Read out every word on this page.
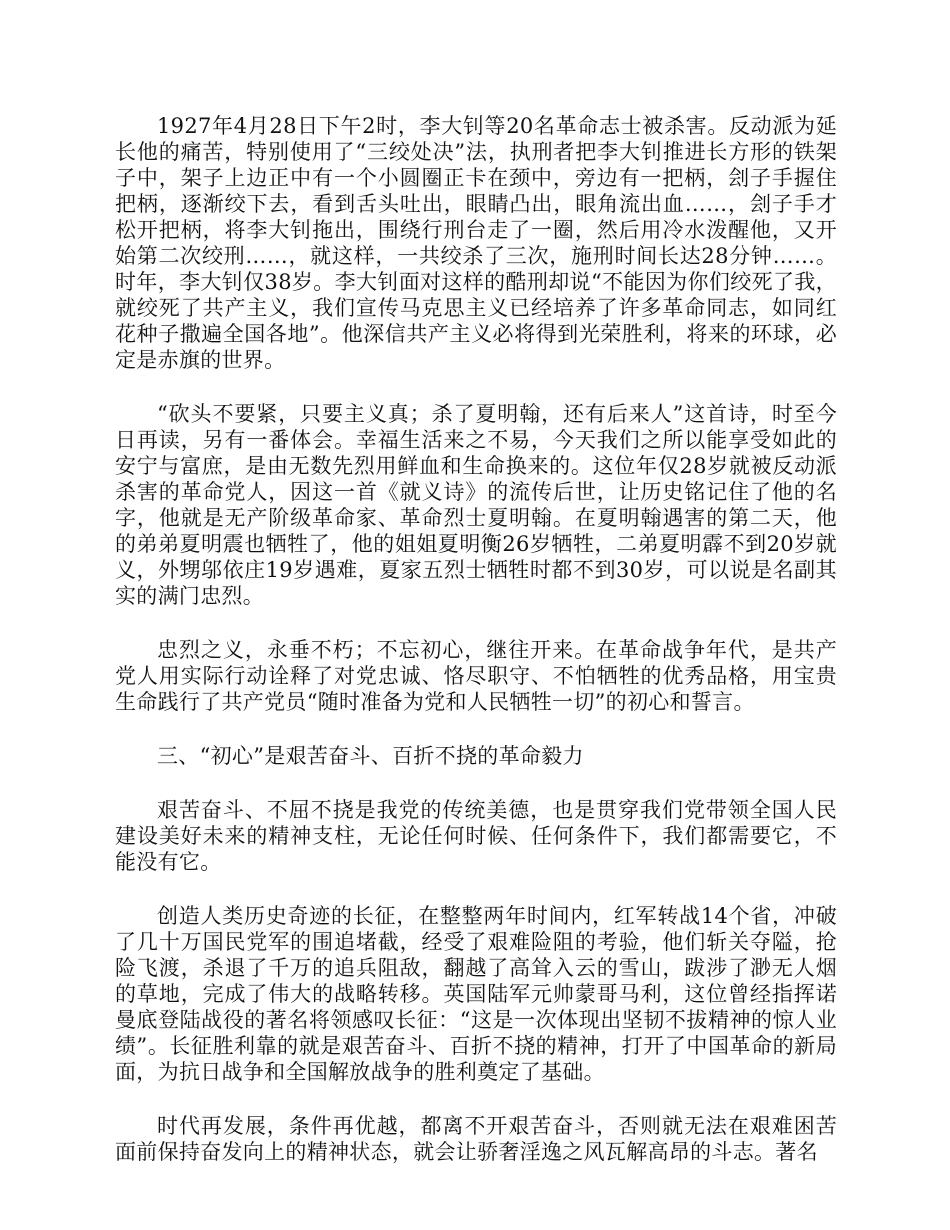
1927年4月28日下午2时，李大钊等20名革命志士被杀害。反动派为延长他的痛苦，特别使用了“三绞处决”法，执刑者把李大钊推进长方形的铁架子中，架子上边正中有一个小圆圈正卡在颈中，旁边有一把柄，刽子手握住把柄，逐渐绞下去，看到舌头吐出，眼睛凸出，眼角流出血……，刽子手才松开把柄，将李大钊拖出，围绕行刑台走了一圈，然后用冷水泼醒他，又开始第二次绞刑……，就这样，一共绞杀了三次，施刑时间长达28分钟……。时年，李大钊仅38岁。李大钊面对这样的酷刑却说“不能因为你们绞死了我，就绞死了共产主义，我们宣传马克思主义已经培养了许多革命同志，如同红花种子撒遍全国各地”。他深信共产主义必将得到光荣胜利，将来的环球，必定是赤旗的世界。

“砍头不要紧，只要主义真；杀了夏明翰，还有后来人”这首诗，时至今日再读，另有一番体会。幸福生活来之不易，今天我们之所以能享受如此的安宁与富庶，是由无数先烈用鲜血和生命换来的。这位年仅28岁就被反动派杀害的革命党人，因这一首《就义诗》的流传后世，让历史铭记住了他的名字，他就是无产阶级革命家、革命烈士夏明翰。在夏明翰遇害的第二天，他的弟弟夏明震也牺牲了，他的姐姐夏明衡26岁牺牲，二弟夏明霹不到20岁就义，外甥邬依庄19岁遇难，夏家五烈士牺牲时都不到30岁，可以说是名副其实的满门忠烈。

忠烈之义，永垂不朽；不忘初心，继往开来。在革命战争年代，是共产党人用实际行动诠释了对党忠诚、恪尽职守、不怕牺牲的优秀品格，用宝贵生命践行了共产党员“随时准备为党和人民牺牲一切”的初心和誓言。

三、“初心”是艰苦奋斗、百折不挠的革命毅力

艰苦奋斗、不屈不挠是我党的传统美德，也是贯穿我们党带领全国人民建设美好未来的精神支柱，无论任何时候、任何条件下，我们都需要它，不能没有它。

创造人类历史奇迹的长征，在整整两年时间内，红军转战14个省，冲破了几十万国民党军的围追堵截，经受了艰难险阻的考验，他们斩关夺隘，抢险飞渡，杀退了千万的追兵阻敌，翻越了高耸入云的雪山，跋涉了渺无人烟的草地，完成了伟大的战略转移。英国陆军元帅蒙哥马利，这位曾经指挥诺曼底登陆战役的著名将领感叹长征：“这是一次体现出坚韧不拔精神的惊人业绩”。长征胜利靠的就是艰苦奋斗、百折不挠的精神，打开了中国革命的新局面，为抗日战争和全国解放战争的胜利奠定了基础。

时代再发展，条件再优越，都离不开艰苦奋斗，否则就无法在艰难困苦面前保持奋发向上的精神状态，就会让骄奢淫逸之风瓦解高昂的斗志。著名
